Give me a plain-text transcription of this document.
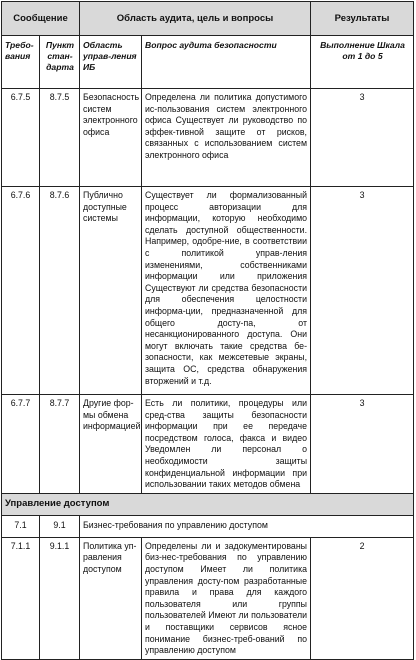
Сообщение		Область аудита, цель и вопросы		Результаты
Требо-вания	Пункт стан-дарта	Область управ-ления ИБ	Вопрос аудита безопасности	Выполнение Шкала от 1 до 5
6.7.5	8.7.5	Безопасность систем электронного офиса	Определена ли политика допустимого ис-пользования систем электронного офиса Существует ли руководство по эффек-тивной защите от рисков, связанных с использованием систем электронного офиса	3
6.7.6	8.7.6	Публично доступные системы	Существует ли формализованный процесс авторизации для информации, которую необходимо сделать доступной общественности. Например, одобре-ние, в соответствии с политикой управ-ления изменениями, собственниками информации или приложения Существуют ли средства безопасности для обеспечения целостности информа-ции, предназначенной для общего досту-па, от несанкционированного доступа. Они могут включать такие средства бе-зопасности, как межсетевые экраны, защита ОС, средства обнаружения вторжений и т.д.	3
6.7.7	8.7.7	Другие фор-мы обмена информацией	Есть ли политики, процедуры или сред-ства защиты безопасности информации при ее передаче посредством голоса, факса и видео Уведомлен ли персонал о необходимости защиты конфиденциальной информации при использовании таких методов обмена	3
Управление доступом				
7.1	9.1	Бизнес-требования по управлению доступом		
7.1.1	9.1.1	Политика уп-равления доступом	Определены ли и задокументированы биз-нес-требования по управлению доступом Имеет ли политика управления досту-пом разработанные правила и права для каждого пользователя или группы пользователей Имеют ли пользователи и поставщики сервисов ясное понимание бизнес-треб-ований по управлению доступом	2
